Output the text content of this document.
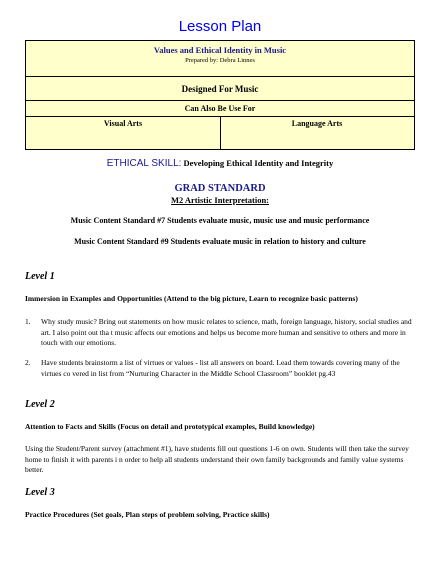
Lesson Plan
Values and Ethical Identity in Music
Prepared by: Debra Linnes
Designed For Music
Can Also Be Use For
Visual Arts	Language Arts
ETHICAL SKILL: Developing Ethical Identity and Integrity
GRAD STANDARD
M2 Artistic Interpretation:
Music Content Standard #7 Students evaluate music, music use and music performance
Music Content Standard #9 Students evaluate music in relation to history and culture
Level 1
Immersion in Examples and Opportunities (Attend to the big picture, Learn to recognize basic patterns)
1. Why study music? Bring out statements on how music relates to science, math, foreign language, history, social studies and art. I also point out tha t music affects our emotions and helps us become more human and sensitive to others and more in touch with our emotions.
2. Have students brainstorm a list of virtues or values - list all answers on board. Lead them towards covering many of the virtues co vered in list from “Nurturing Character in the Middle School Classroom” booklet pg.43
Level 2
Attention to Facts and Skills (Focus on detail and prototypical examples, Build knowledge)
Using the Student/Parent survey (attachment #1), have students fill out questions 1-6 on own. Students will then take the survey home to finish it with parents i n order to help all students understand their own family backgrounds and family value systems better.
Level 3
Practice Procedures (Set goals, Plan steps of problem solving, Practice skills)
